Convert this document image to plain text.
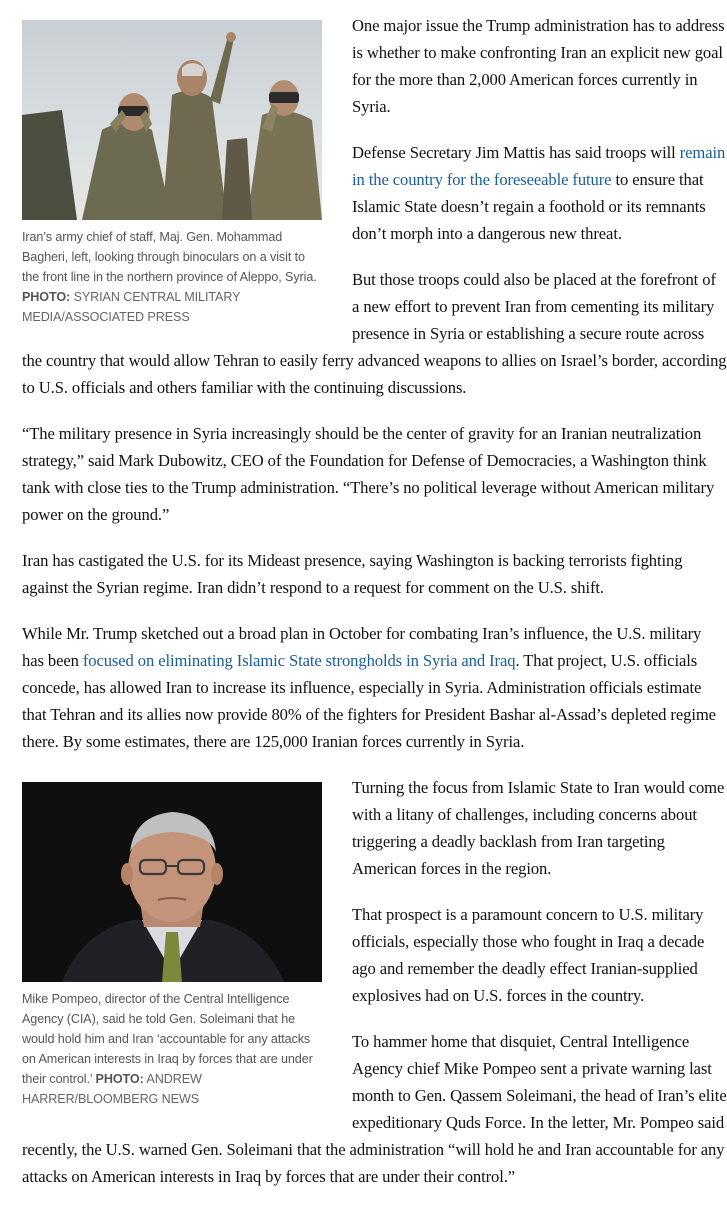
Iran’s army chief of staff, Maj. Gen. Mohammad Bagheri, left, looking through binoculars on a visit to the front line in the northern province of Aleppo, Syria. PHOTO: SYRIAN CENTRAL MILITARY MEDIA/ASSOCIATED PRESS

One major issue the Trump administration has to address is whether to make confronting Iran an explicit new goal for the more than 2,000 American forces currently in Syria.

Defense Secretary Jim Mattis has said troops will remain in the country for the foreseeable future to ensure that Islamic State doesn’t regain a foothold or its remnants don’t morph into a dangerous new threat.

But those troops could also be placed at the forefront of a new effort to prevent Iran from cementing its military presence in Syria or establishing a secure route across the country that would allow Tehran to easily ferry advanced weapons to allies on Israel’s border, according to U.S. officials and others familiar with the continuing discussions.

“The military presence in Syria increasingly should be the center of gravity for an Iranian neutralization strategy,” said Mark Dubowitz, CEO of the Foundation for Defense of Democracies, a Washington think tank with close ties to the Trump administration. “There’s no political leverage without American military power on the ground.”

Iran has castigated the U.S. for its Mideast presence, saying Washington is backing terrorists fighting against the Syrian regime. Iran didn’t respond to a request for comment on the U.S. shift.

While Mr. Trump sketched out a broad plan in October for combating Iran’s influence, the U.S. military has been focused on eliminating Islamic State strongholds in Syria and Iraq. That project, U.S. officials concede, has allowed Iran to increase its influence, especially in Syria. Administration officials estimate that Tehran and its allies now provide 80% of the fighters for President Bashar al-Assad’s depleted regime there. By some estimates, there are 125,000 Iranian forces currently in Syria.

Mike Pompeo, director of the Central Intelligence Agency (CIA), said he told Gen. Soleimani that he would hold him and Iran ‘accountable for any attacks on American interests in Iraq by forces that are under their control.’ PHOTO: ANDREW HARRER/BLOOMBERG NEWS

Turning the focus from Islamic State to Iran would come with a litany of challenges, including concerns about triggering a deadly backlash from Iran targeting American forces in the region.

That prospect is a paramount concern to U.S. military officials, especially those who fought in Iraq a decade ago and remember the deadly effect Iranian-supplied explosives had on U.S. forces in the country.

To hammer home that disquiet, Central Intelligence Agency chief Mike Pompeo sent a private warning last month to Gen. Qassem Soleimani, the head of Iran’s elite expeditionary Quds Force. In the letter, Mr. Pompeo said recently, the U.S. warned Gen. Soleimani that the administration “will hold he and Iran accountable for any attacks on American interests in Iraq by forces that are under their control.”
